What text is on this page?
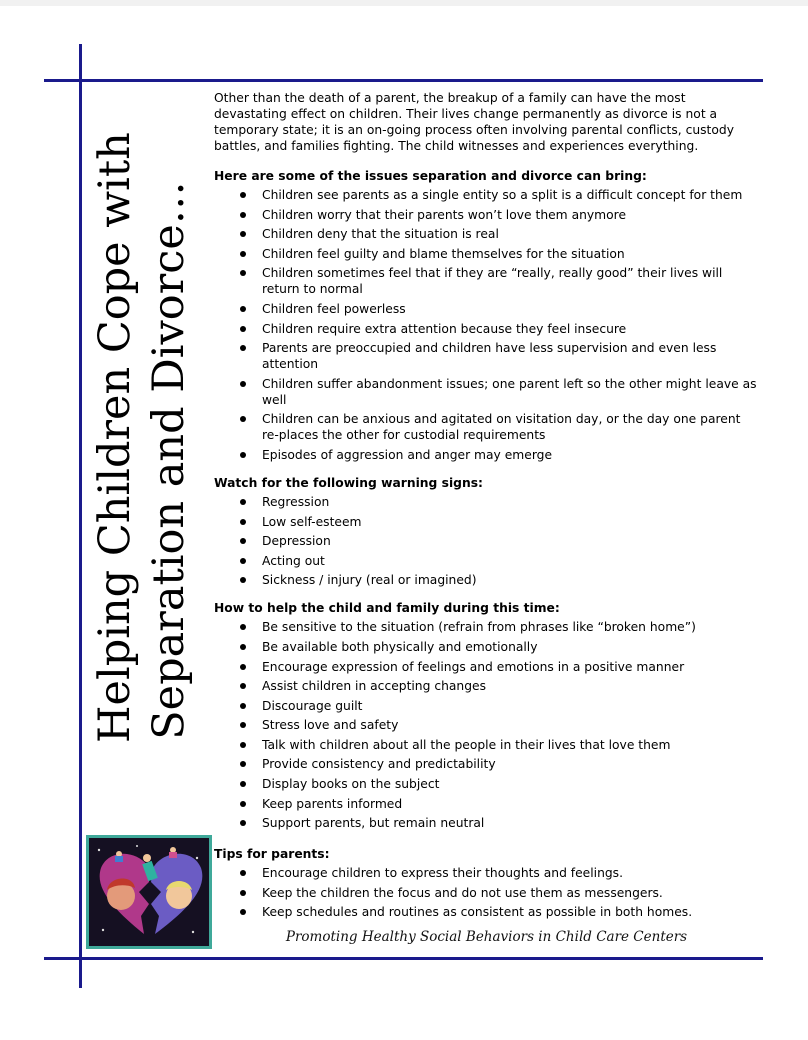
Helping Children Cope with Separation and Divorce…

Other than the death of a parent, the breakup of a family can have the most devastating effect on children. Their lives change permanently as divorce is not a temporary state; it is an on-going process often involving parental conflicts, custody battles, and families fighting. The child witnesses and experiences everything.

Here are some of the issues separation and divorce can bring:
Children see parents as a single entity so a split is a difficult concept for them
Children worry that their parents won’t love them anymore
Children deny that the situation is real
Children feel guilty and blame themselves for the situation
Children sometimes feel that if they are “really, really good” their lives will return to normal
Children feel powerless
Children require extra attention because they feel insecure
Parents are preoccupied and children have less supervision and even less attention
Children suffer abandonment issues; one parent left so the other might leave as well
Children can be anxious and agitated on visitation day, or the day one parent re-places the other for custodial requirements
Episodes of aggression and anger may emerge
Watch for the following warning signs:
Regression
Low self-esteem
Depression
Acting out
Sickness / injury (real or imagined)
How to help the child and family during this time:
Be sensitive to the situation (refrain from phrases like “broken home”)
Be available both physically and emotionally
Encourage expression of feelings and emotions in a positive manner
Assist children in accepting changes
Discourage guilt
Stress love and safety
Talk with children about all the people in their lives that love them
Provide consistency and predictability
Display books on the subject
Keep parents informed
Support parents, but remain neutral
Tips for parents:
Encourage children to express their thoughts and feelings.
Keep the children the focus and do not use them as messengers.
Keep schedules and routines as consistent as possible in both homes.
Promoting Healthy Social Behaviors in Child Care Centers
